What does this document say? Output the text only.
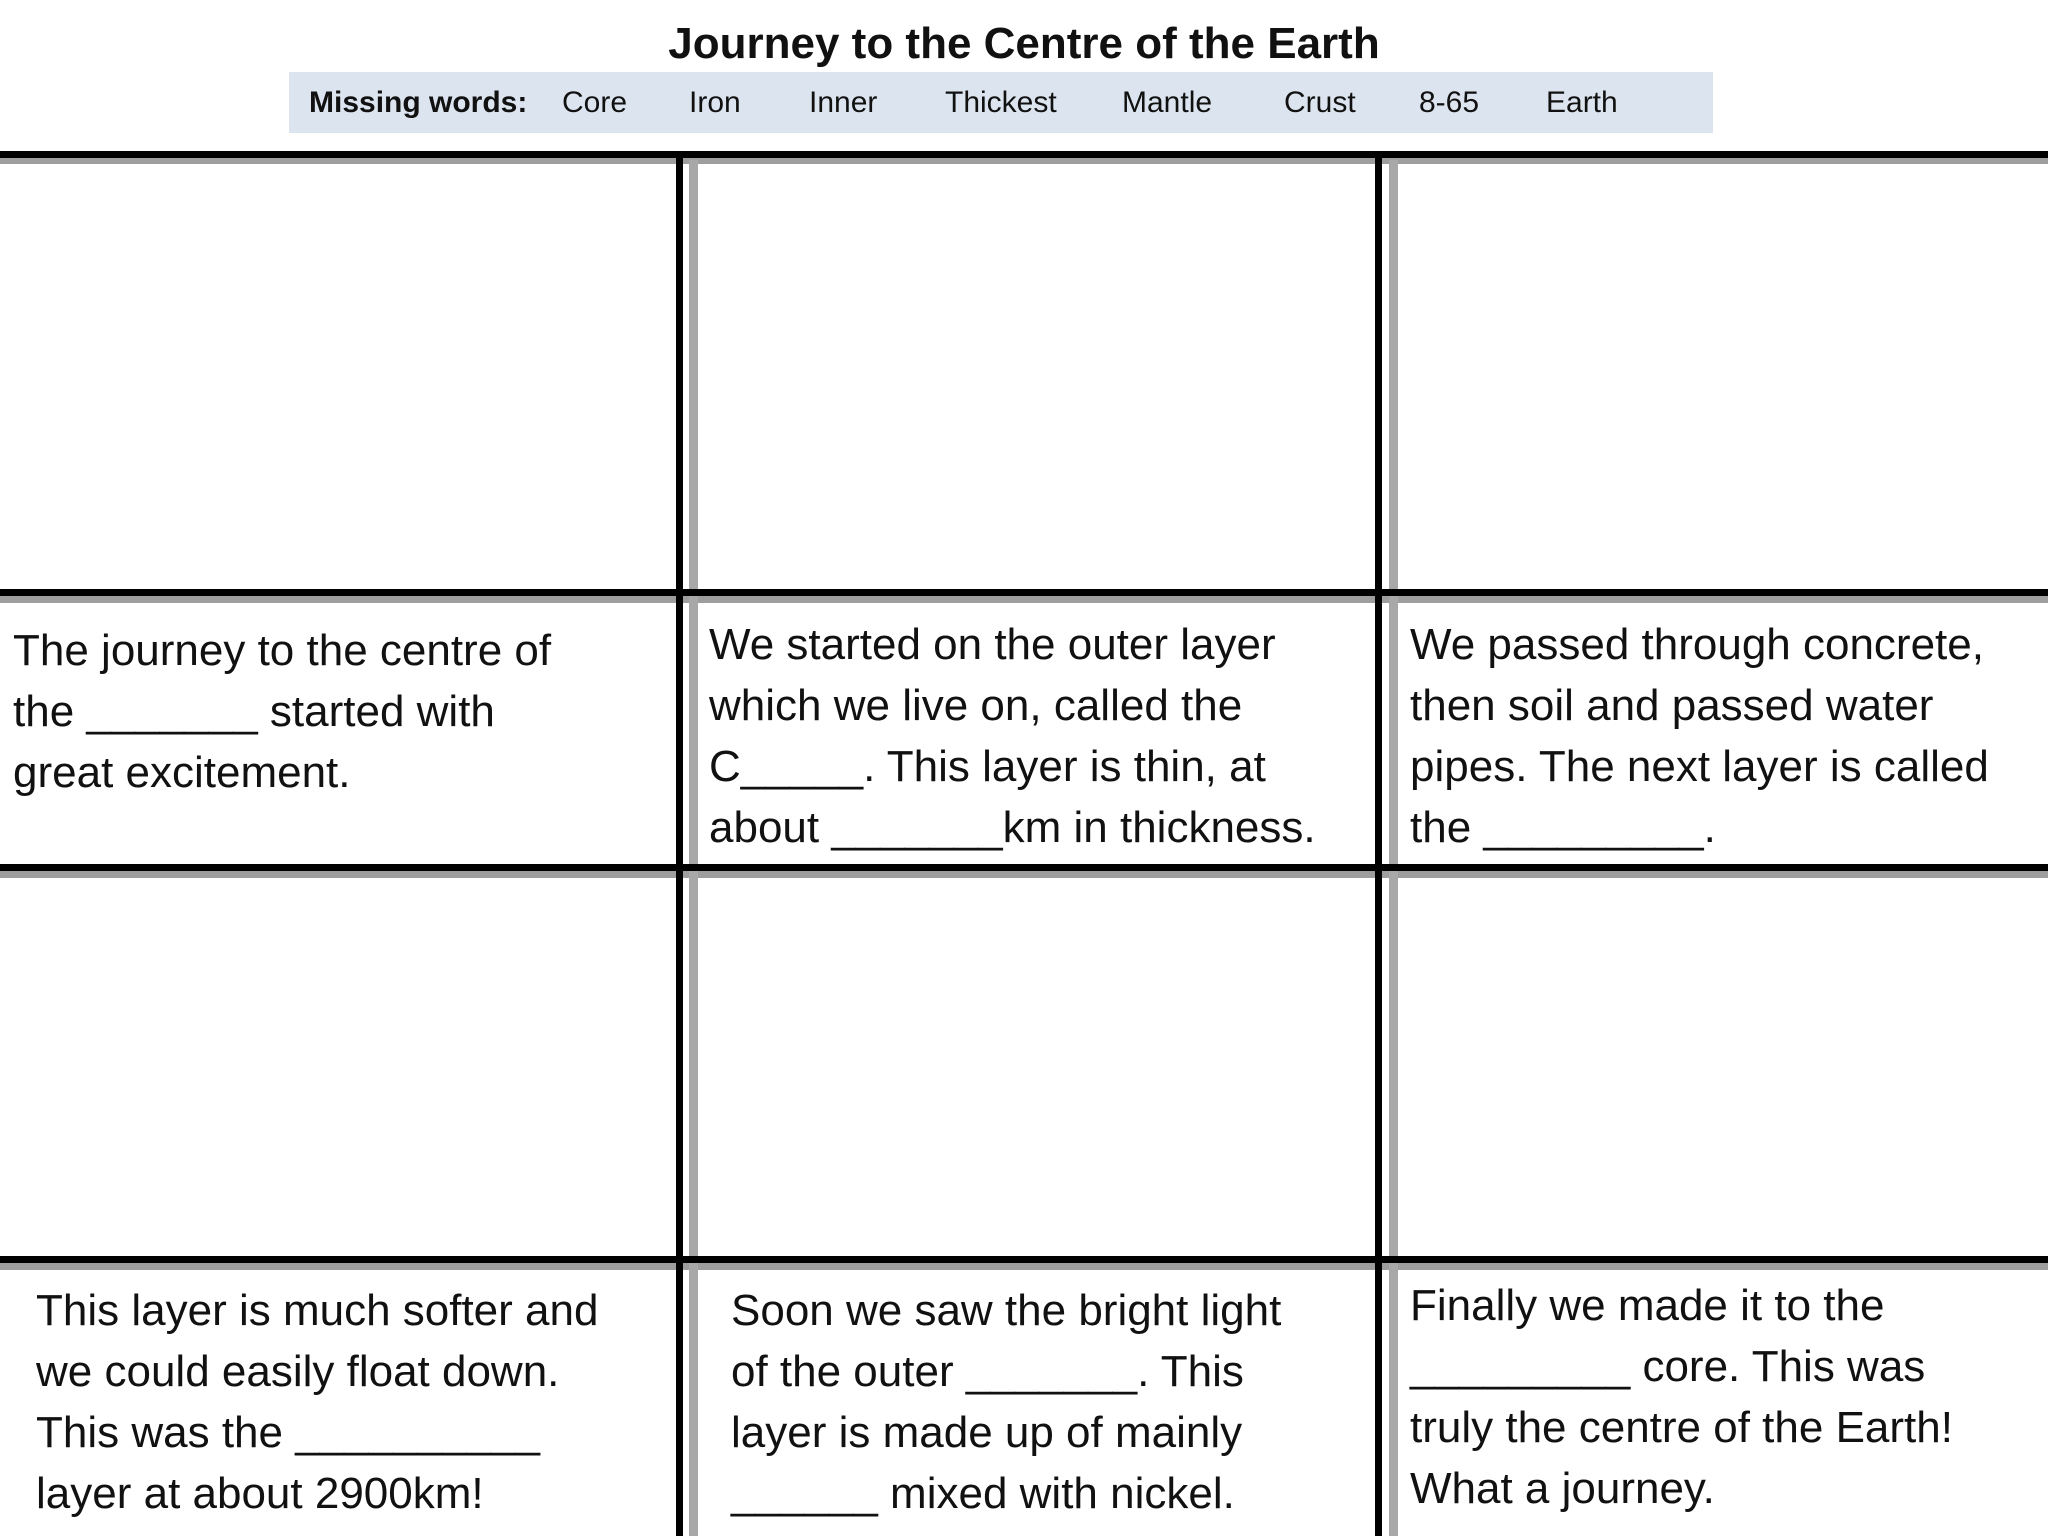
Journey to the Centre of the Earth
Missing words: Core Iron Inner Thickest Mantle Crust 8-65 Earth
The journey to the centre of
the _______ started with
great excitement.
We started on the outer layer
which we live on, called the
C_____. This layer is thin, at
about _______km in thickness.
We passed through concrete,
then soil and passed water
pipes. The next layer is called
the _________.
This layer is much softer and
we could easily float down.
This was the __________
layer at about 2900km!
Soon we saw the bright light
of the outer _______. This
layer is made up of mainly
______ mixed with nickel.
Finally we made it to the
_________ core. This was
truly the centre of the Earth!
What a journey.
